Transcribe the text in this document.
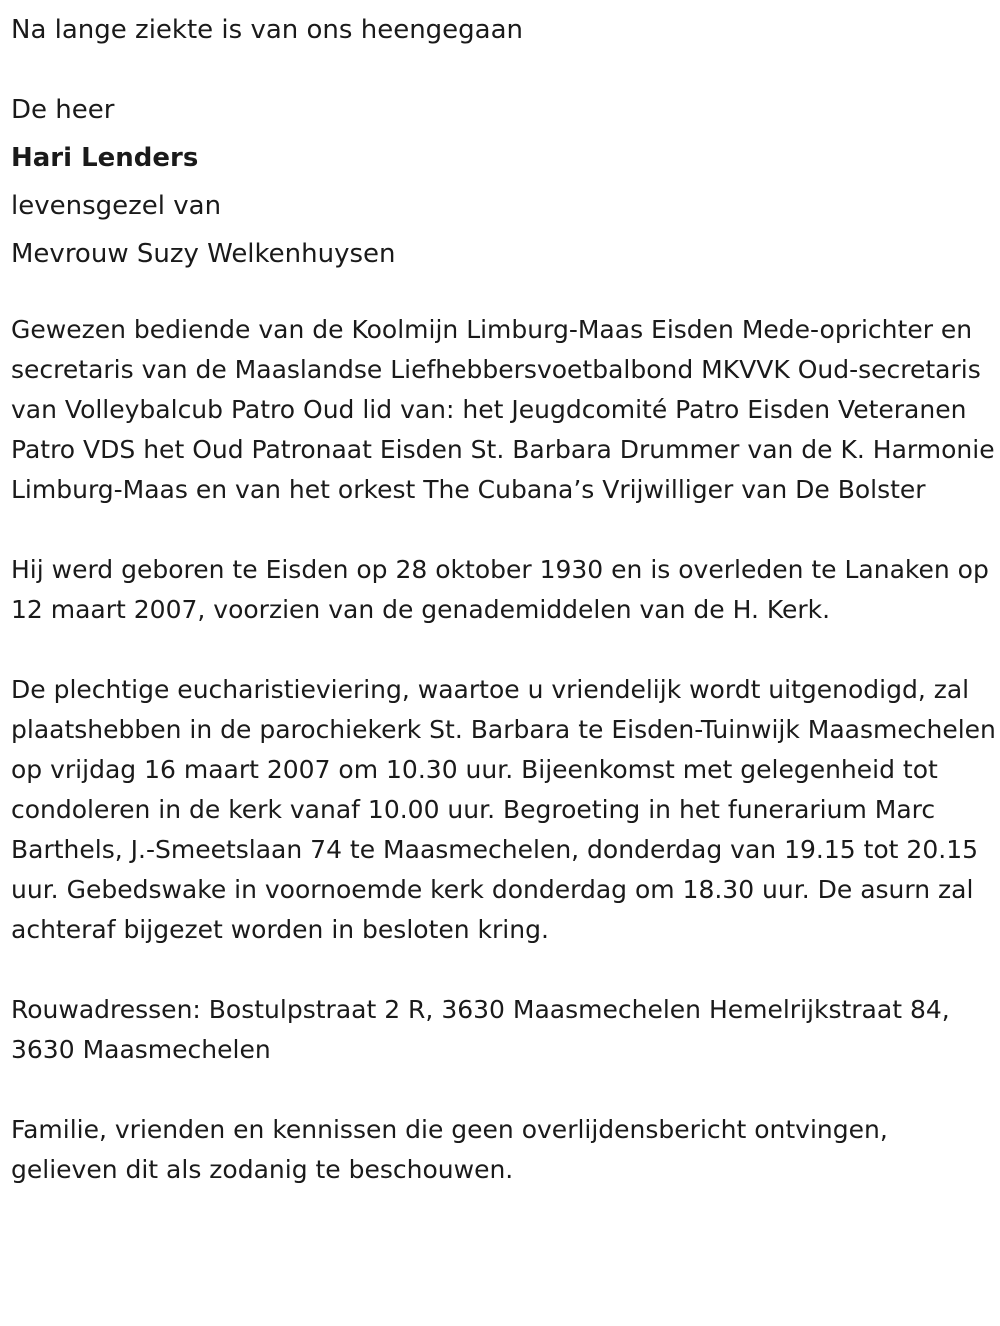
Na lange ziekte is van ons heengegaan

De heer

Hari Lenders

levensgezel van

Mevrouw Suzy Welkenhuysen

Gewezen bediende van de Koolmijn Limburg-Maas Eisden Mede-oprichter en secretaris van de Maaslandse Liefhebbersvoetbalbond MKVVK Oud-secretaris van Volleybalcub Patro Oud lid van: het Jeugdcomité Patro Eisden Veteranen Patro VDS het Oud Patronaat Eisden St. Barbara Drummer van de K. Harmonie Limburg-Maas en van het orkest The Cubana’s Vrijwilliger van De Bolster

Hij werd geboren te Eisden op 28 oktober 1930 en is overleden te Lanaken op 12 maart 2007, voorzien van de genademiddelen van de H. Kerk.

De plechtige eucharistieviering, waartoe u vriendelijk wordt uitgenodigd, zal plaatshebben in de parochiekerk St. Barbara te Eisden-Tuinwijk Maasmechelen op vrijdag 16 maart 2007 om 10.30 uur. Bijeenkomst met gelegenheid tot condoleren in de kerk vanaf 10.00 uur. Begroeting in het funerarium Marc Barthels, J.-Smeetslaan 74 te Maasmechelen, donderdag van 19.15 tot 20.15 uur. Gebedswake in voornoemde kerk donderdag om 18.30 uur. De asurn zal achteraf bijgezet worden in besloten kring.

Rouwadressen: Bostulpstraat 2 R, 3630 Maasmechelen Hemelrijkstraat 84, 3630 Maasmechelen

Familie, vrienden en kennissen die geen overlijdensbericht ontvingen, gelieven dit als zodanig te beschouwen.
